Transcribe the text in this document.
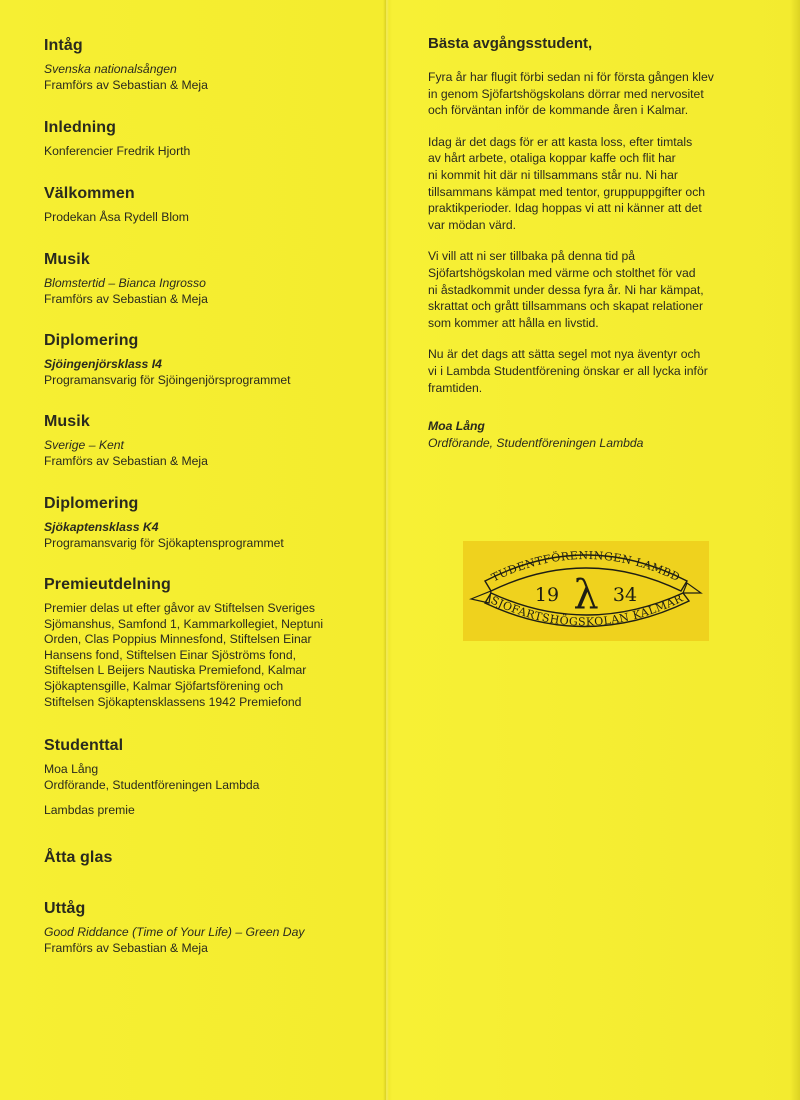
Intåg

Svenska nationalsången

Framförs av Sebastian & Meja

Inledning

Konferencier Fredrik Hjorth

Välkommen

Prodekan Åsa Rydell Blom

Musik

Blomstertid – Bianca Ingrosso

Framförs av Sebastian & Meja

Diplomering

Sjöingenjörsklass I4

Programansvarig för Sjöingenjörsprogrammet

Musik

Sverige – Kent

Framförs av Sebastian & Meja

Diplomering

Sjökaptensklass K4

Programansvarig för Sjökaptensprogrammet

Premieutdelning

Premier delas ut efter gåvor av Stiftelsen Sveriges

Sjömanshus, Samfond 1, Kammarkollegiet, Neptuni

Orden, Clas Poppius Minnesfond, Stiftelsen Einar

Hansens fond, Stiftelsen Einar Sjöströms fond,

Stiftelsen L Beijers Nautiska Premiefond, Kalmar

Sjökaptensgille, Kalmar Sjöfartsförening och

Stiftelsen Sjökaptensklassens 1942 Premiefond

Studenttal

Moa Lång

Ordförande, Studentföreningen Lambda

Lambdas premie

Åtta glas

Uttåg

Good Riddance (Time of Your Life) – Green Day

Framförs av Sebastian & Meja

Bästa avgångsstudent,

Fyra år har flugit förbi sedan ni för första gången klev
in genom Sjöfartshögskolans dörrar med nervositet
och förväntan inför de kommande åren i Kalmar.
Idag är det dags för er att kasta loss, efter timtals
av hårt arbete, otaliga koppar kaffe och flit har
ni kommit hit där ni tillsammans står nu. Ni har
tillsammans kämpat med tentor, gruppuppgifter och
praktikperioder. Idag hoppas vi att ni känner att det
var mödan värd.
Vi vill att ni ser tillbaka på denna tid på
Sjöfartshögskolan med värme och stolthet för vad
ni åstadkommit under dessa fyra år. Ni har kämpat,
skrattat och grått tillsammans och skapat relationer
som kommer att hålla en livstid.
Nu är det dags att sätta segel mot nya äventyr och
vi i Lambda Studentförening önskar er all lycka inför
framtiden.

Moa Lång

Ordförande, Studentföreningen Lambda

TUDENTFÖRENINGEN LAMBD
SJÖFARTSHÖGSKOLAN KALMAR
19 λ 34
